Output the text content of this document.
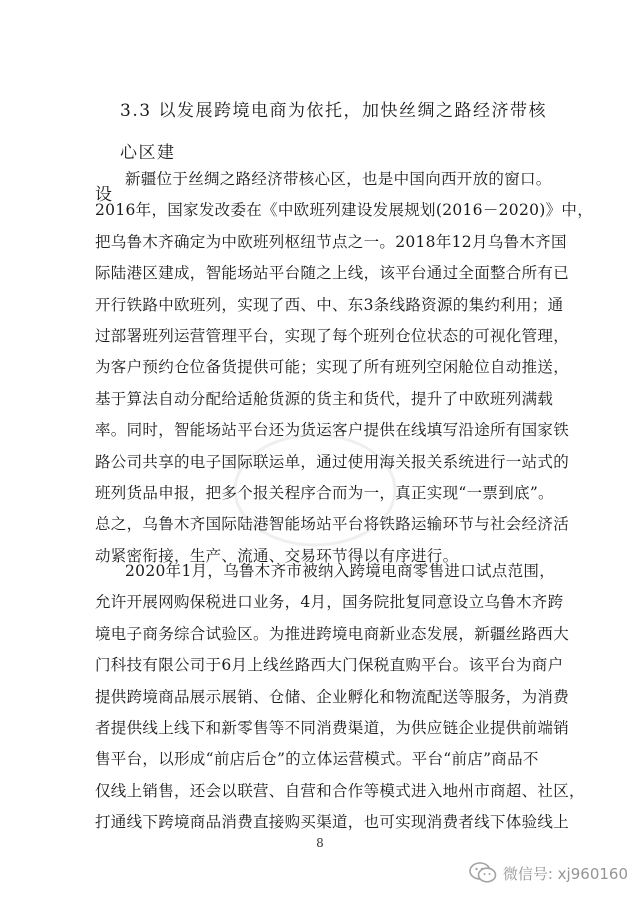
3.3 以发展跨境电商为依托，加快丝绸之路经济带核心区建
设

新疆位于丝绸之路经济带核心区，也是中国向西开放的窗口。
2016年，国家发改委在《中欧班列建设发展规划(2016－2020)》中，
把乌鲁木齐确定为中欧班列枢纽节点之一。2018年12月乌鲁木齐国
际陆港区建成，智能场站平台随之上线，该平台通过全面整合所有已
开行铁路中欧班列，实现了西、中、东3条线路资源的集约利用；通
过部署班列运营管理平台，实现了每个班列仓位状态的可视化管理，
为客户预约仓位备货提供可能；实现了所有班列空闲舱位自动推送，
基于算法自动分配给适舱货源的货主和货代，提升了中欧班列满载
率。同时，智能场站平台还为货运客户提供在线填写沿途所有国家铁
路公司共享的电子国际联运单，通过使用海关报关系统进行一站式的
班列货品申报，把多个报关程序合而为一，真正实现“一票到底”。
总之，乌鲁木齐国际陆港智能场站平台将铁路运输环节与社会经济活
动紧密衔接，生产、流通、交易环节得以有序进行。

2020年1月，乌鲁木齐市被纳入跨境电商零售进口试点范围，
允许开展网购保税进口业务，4月，国务院批复同意设立乌鲁木齐跨
境电子商务综合试验区。为推进跨境电商新业态发展，新疆丝路西大
门科技有限公司于6月上线丝路西大门保税直购平台。该平台为商户
提供跨境商品展示展销、仓储、企业孵化和物流配送等服务，为消费
者提供线上线下和新零售等不同消费渠道，为供应链企业提供前端销
售平台，以形成“前店后仓”的立体运营模式。平台“前店”商品不
仅线上销售，还会以联营、自营和合作等模式进入地州市商超、社区，
打通线下跨境商品消费直接购买渠道，也可实现消费者线下体验线上

8
微信号: xj960160
